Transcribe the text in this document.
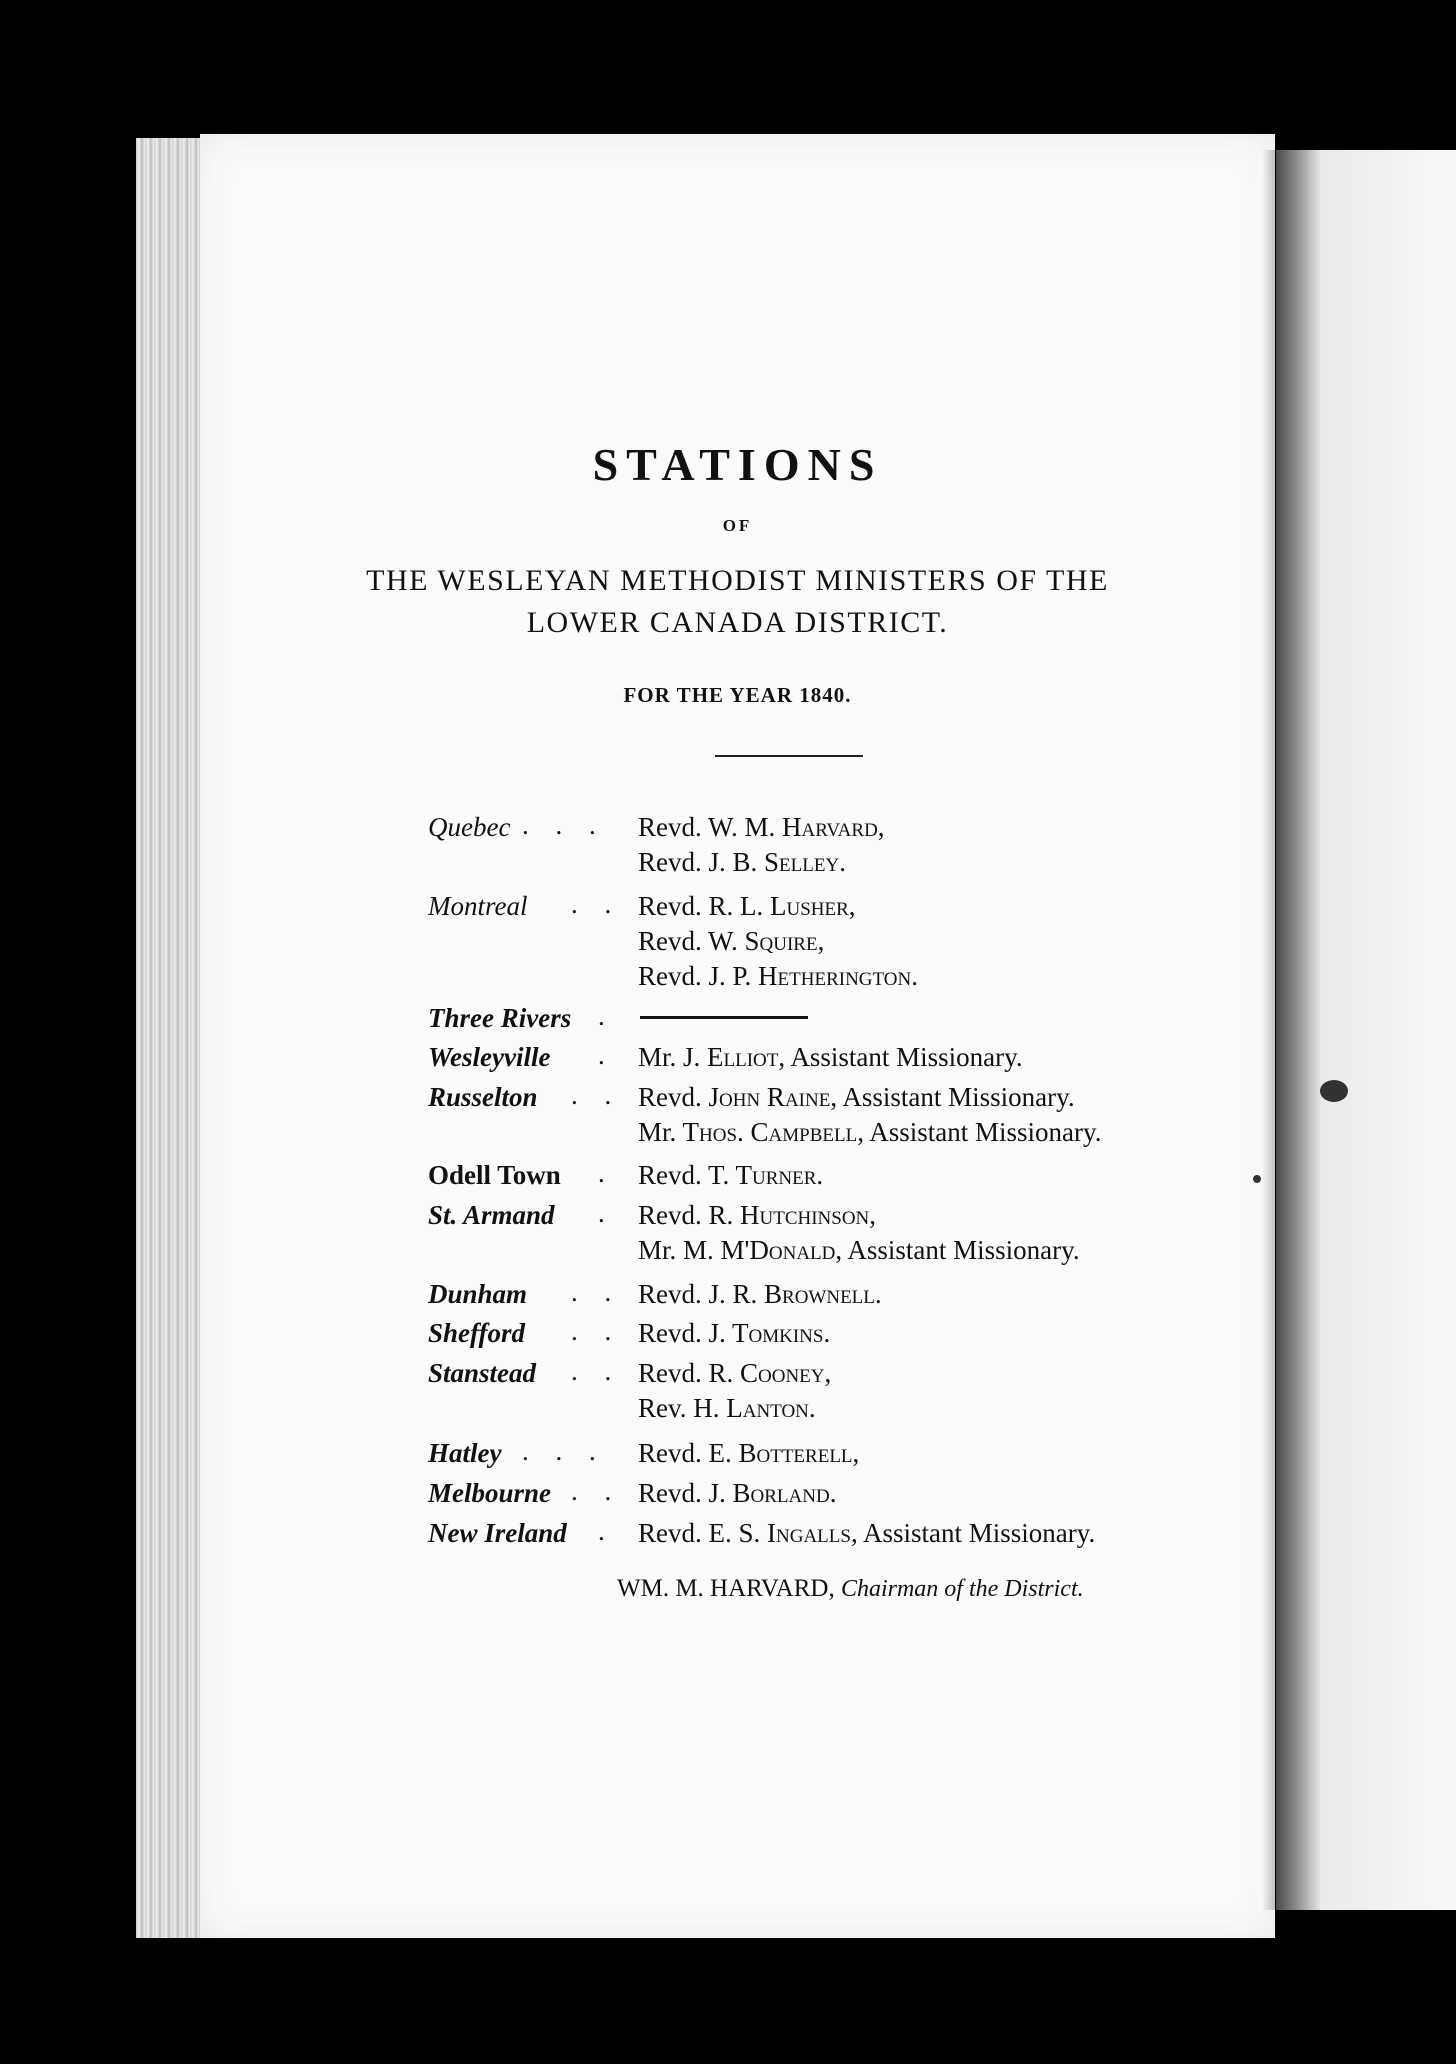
STATIONS
OF
THE WESLEYAN METHODIST MINISTERS OF THE
LOWER CANADA DISTRICT.
FOR THE YEAR 1840.
Quebec . . . Revd. W. M. Harvard,
Revd. J. B. Selley.
Montreal . . Revd. R. L. Lusher,
Revd. W. Squire,
Revd. J. P. Hetherington.
Three Rivers .
Wesleyville . Mr. J. Elliot, Assistant Missionary.
Russelton . . Revd. John Raine, Assistant Missionary.
Mr. Thos. Campbell, Assistant Missionary.
Odell Town . Revd. T. Turner.
St. Armand . Revd. R. Hutchinson,
Mr. M. M'Donald, Assistant Missionary.
Dunham . . Revd. J. R. Brownell.
Shefford . . Revd. J. Tomkins.
Stanstead . . Revd. R. Cooney,
Rev. H. Lanton.
Hatley . . . Revd. E. Botterell,
Melbourne . . Revd. J. Borland.
New Ireland . Revd. E. S. Ingalls, Assistant Missionary.
WM. M. HARVARD, Chairman of the District.
